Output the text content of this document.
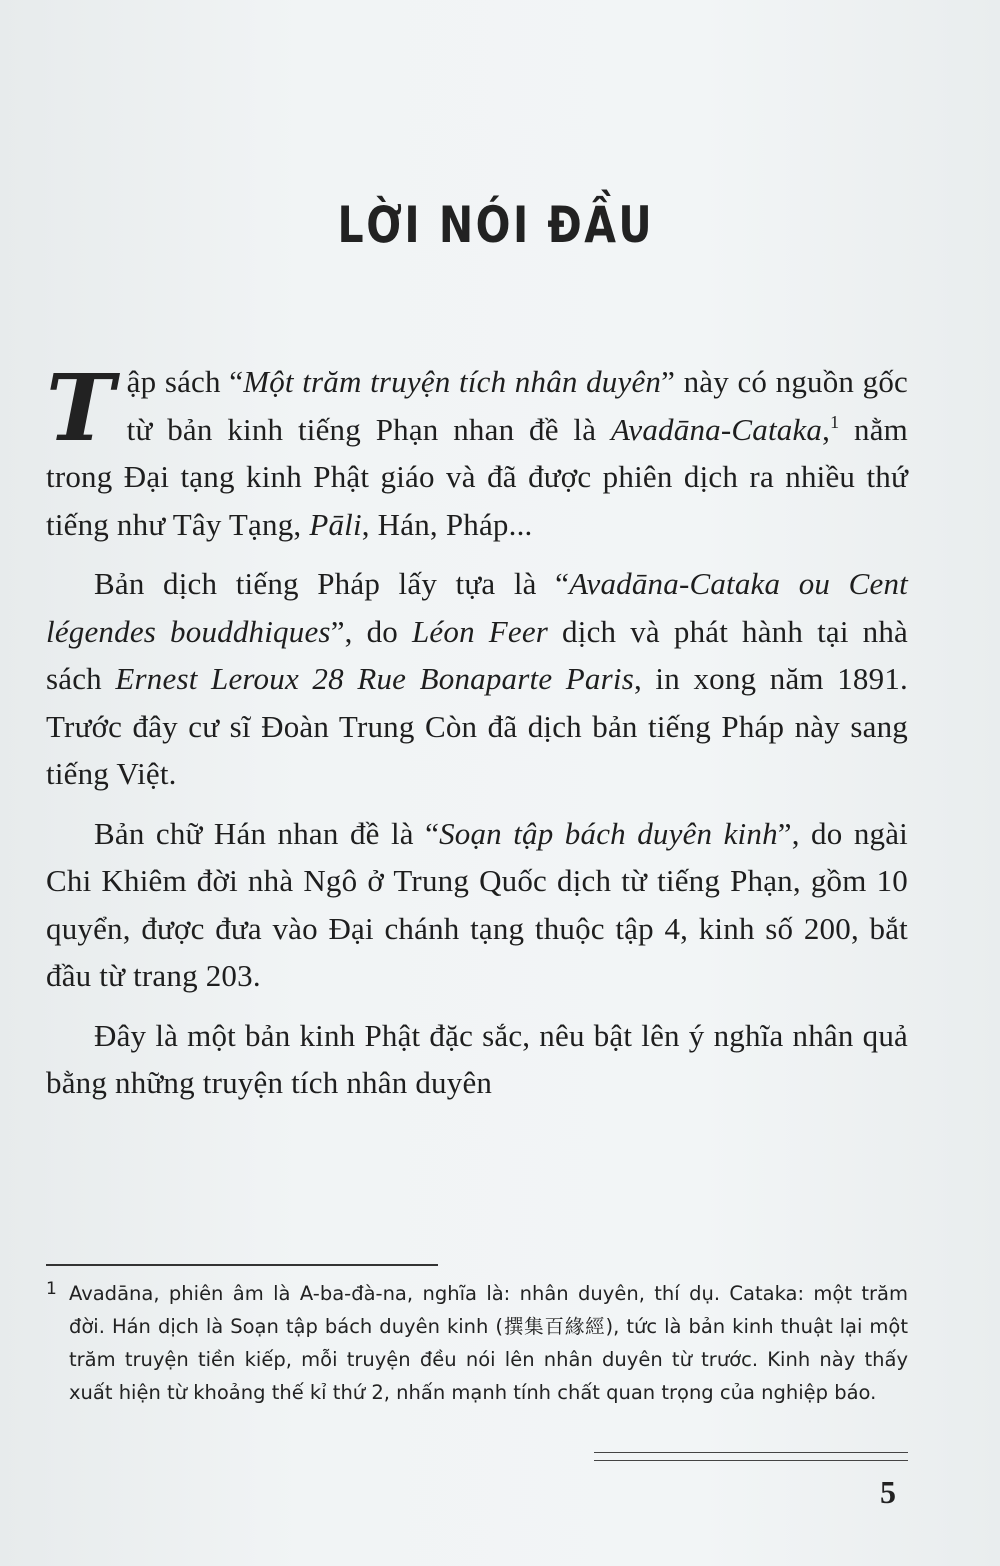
LỜI NÓI ĐẦU

Tập sách “Một trăm truyện tích nhân duyên” này có nguồn gốc từ bản kinh tiếng Phạn nhan đề là Avadāna-Cataka,$^1$ nằm trong Đại tạng kinh Phật giáo và đã được phiên dịch ra nhiều thứ tiếng như Tây Tạng, Pāli, Hán, Pháp...

Bản dịch tiếng Pháp lấy tựa là “Avadāna-Cataka ou Cent légendes bouddhiques”, do Léon Feer dịch và phát hành tại nhà sách Ernest Leroux 28 Rue Bonaparte Paris, in xong năm 1891. Trước đây cư sĩ Đoàn Trung Còn đã dịch bản tiếng Pháp này sang tiếng Việt.

Bản chữ Hán nhan đề là “Soạn tập bách duyên kinh”, do ngài Chi Khiêm đời nhà Ngô ở Trung Quốc dịch từ tiếng Phạn, gồm 10 quyển, được đưa vào Đại chánh tạng thuộc tập 4, kinh số 200, bắt đầu từ trang 203.

Đây là một bản kinh Phật đặc sắc, nêu bật lên ý nghĩa nhân quả bằng những truyện tích nhân duyên

1 Avadāna, phiên âm là A-ba-đà-na, nghĩa là: nhân duyên, thí dụ. Cataka: một trăm đời. Hán dịch là Soạn tập bách duyên kinh (撰集百緣經), tức là bản kinh thuật lại một trăm truyện tiền kiếp, mỗi truyện đều nói lên nhân duyên từ trước. Kinh này thấy xuất hiện từ khoảng thế kỉ thứ 2, nhấn mạnh tính chất quan trọng của nghiệp báo.
5
